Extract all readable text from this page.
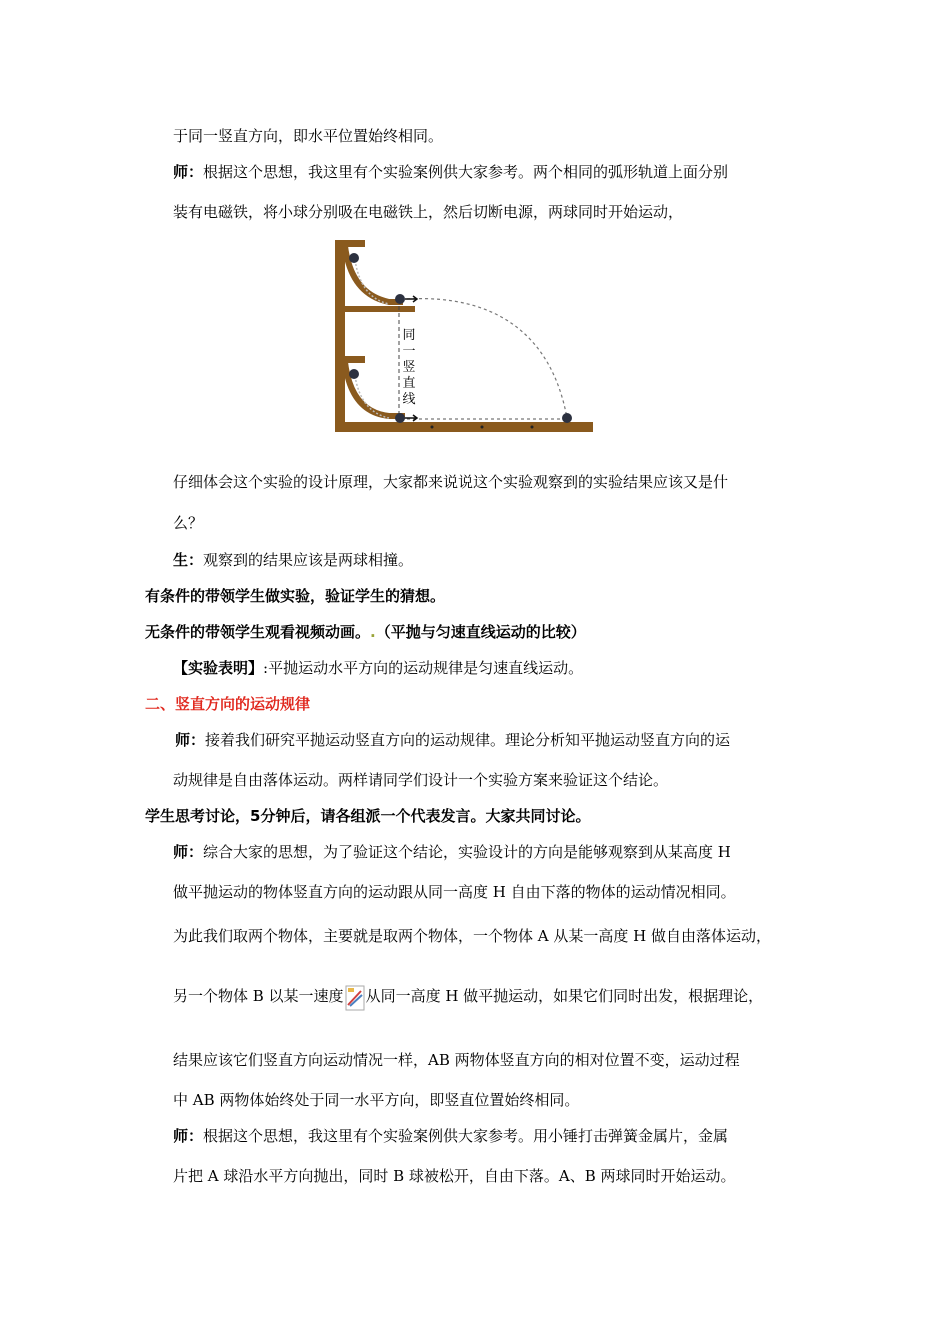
于同一竖直方向，即水平位置始终相同。
师：根据这个思想，我这里有个实验案例供大家参考。两个相同的弧形轨道上面分别
装有电磁铁，将小球分别吸在电磁铁上，然后切断电源，两球同时开始运动，
同
一
竖
直
线
仔细体会这个实验的设计原理，大家都来说说这个实验观察到的实验结果应该又是什
么？
生：观察到的结果应该是两球相撞。
有条件的带领学生做实验，验证学生的猜想。
无条件的带领学生观看视频动画。.（平抛与匀速直线运动的比较）
【实验表明】:平抛运动水平方向的运动规律是匀速直线运动。
二、竖直方向的运动规律
师：接着我们研究平抛运动竖直方向的运动规律。理论分析知平抛运动竖直方向的运
动规律是自由落体运动。两样请同学们设计一个实验方案来验证这个结论。
学生思考讨论，5分钟后，请各组派一个代表发言。大家共同讨论。
师：综合大家的思想，为了验证这个结论，实验设计的方向是能够观察到从某高度 H
做平抛运动的物体竖直方向的运动跟从同一高度 H 自由下落的物体的运动情况相同。
为此我们取两个物体，主要就是取两个物体，一个物体 A 从某一高度 H 做自由落体运动，
另一个物体 B 以某一速度 从同一高度 H 做平抛运动，如果它们同时出发，根据理论，
结果应该它们竖直方向运动情况一样，AB 两物体竖直方向的相对位置不变，运动过程
中 AB 两物体始终处于同一水平方向，即竖直位置始终相同。
师：根据这个思想，我这里有个实验案例供大家参考。用小锤打击弹簧金属片，金属
片把 A 球沿水平方向抛出，同时 B 球被松开，自由下落。A、B 两球同时开始运动。
